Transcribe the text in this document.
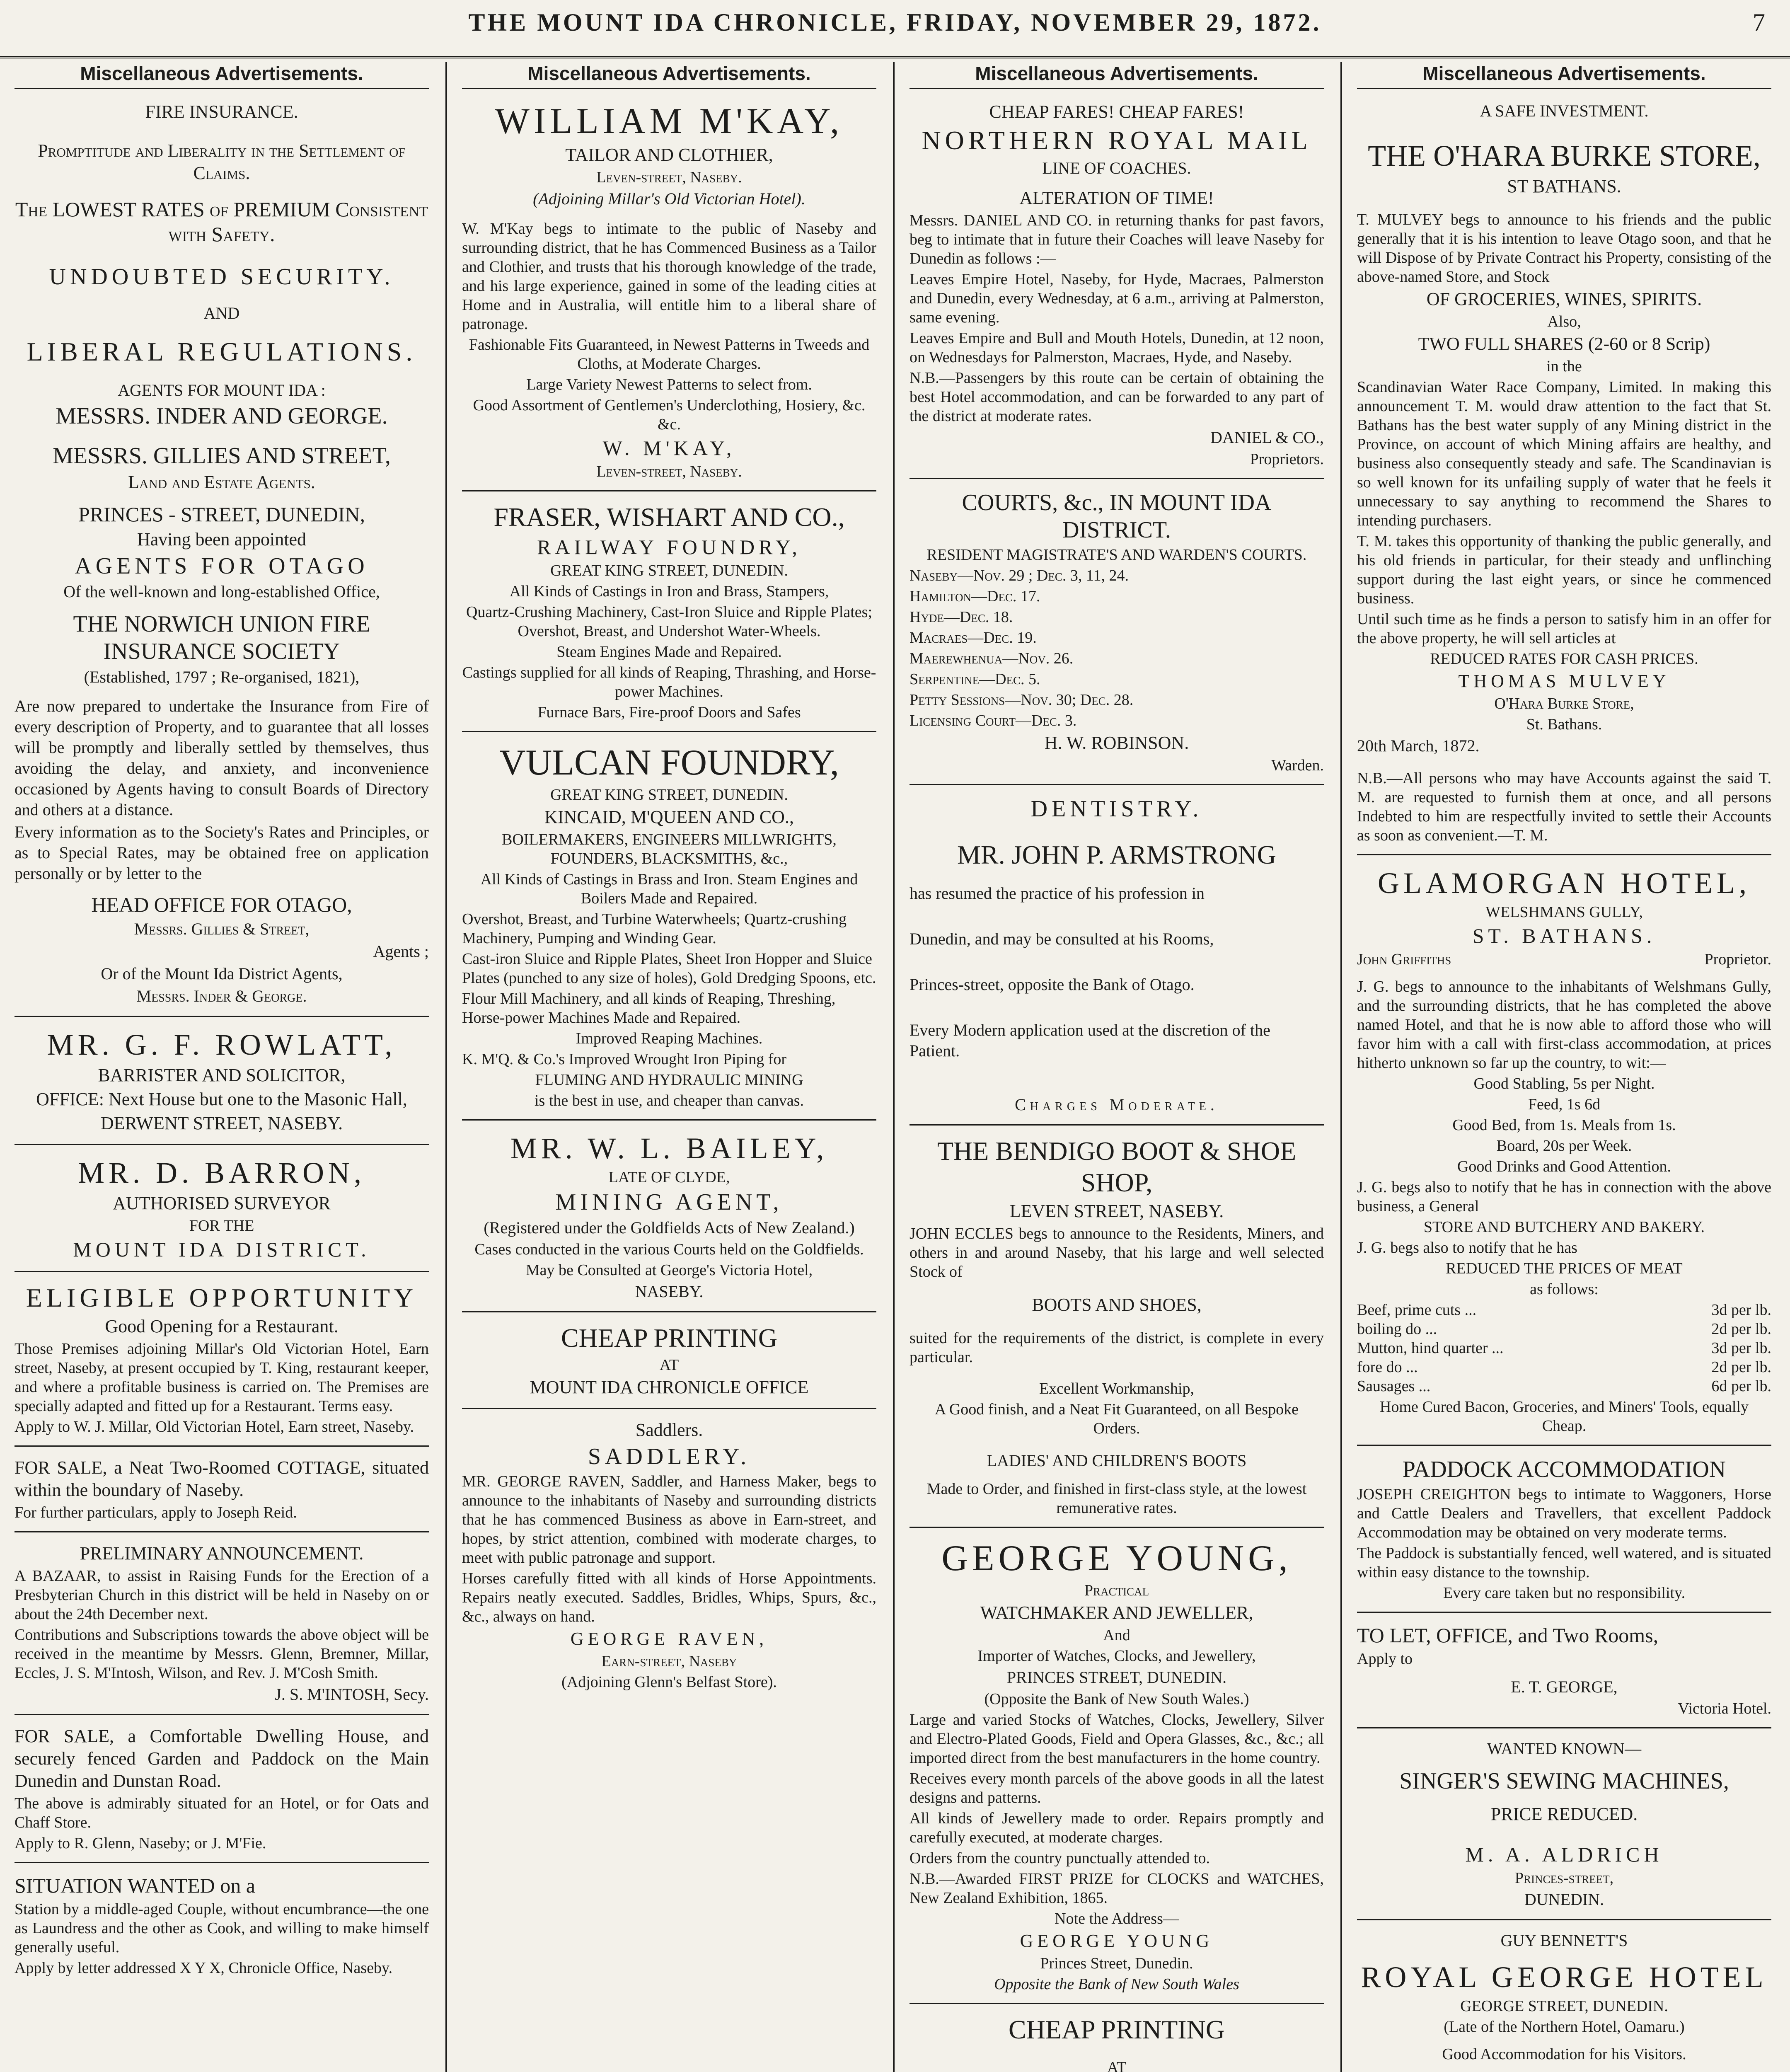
THE MOUNT IDA CHRONICLE, FRIDAY, NOVEMBER 29, 1872.	7
Miscellaneous Advertisements.

FIRE INSURANCE.

Promptitude and Liberality in the Settlement of Claims.

The LOWEST RATES of PREMIUM Consistent with Safety.

UNDOUBTED SECURITY.

AND

LIBERAL REGULATIONS.

AGENTS FOR MOUNT IDA :

MESSRS. INDER AND GEORGE.

MESSRS. GILLIES AND STREET,

Land and Estate Agents.

PRINCES - STREET, DUNEDIN,

Having been appointed

AGENTS FOR OTAGO

Of the well-known and long-established Office,

THE NORWICH UNION FIRE INSURANCE SOCIETY

(Established, 1797 ; Re-organised, 1821),

Are now prepared to undertake the Insurance from Fire of every description of Property, and to guarantee that all losses will be promptly and liberally settled by themselves, thus avoiding the delay, and anxiety, and inconvenience occasioned by Agents having to consult Boards of Directory and others at a distance.

Every information as to the Society's Rates and Principles, or as to Special Rates, may be obtained free on application personally or by letter to the

HEAD OFFICE FOR OTAGO,

Messrs. Gillies & Street,

Agents ;

Or of the Mount Ida District Agents,

Messrs. Inder & George.

MR. G. F. ROWLATT,

BARRISTER AND SOLICITOR,

OFFICE: Next House but one to the Masonic Hall,

DERWENT STREET, NASEBY.

MR. D. BARRON,

AUTHORISED SURVEYOR

FOR THE

MOUNT IDA DISTRICT.

ELIGIBLE OPPORTUNITY

Good Opening for a Restaurant.

Those Premises adjoining Millar's Old Victorian Hotel, Earn street, Naseby, at present occupied by T. King, restaurant keeper, and where a profitable business is carried on. The Premises are specially adapted and fitted up for a Restaurant. Terms easy.

Apply to W. J. Millar, Old Victorian Hotel, Earn street, Naseby.

FOR SALE, a Neat Two-Roomed COTTAGE, situated within the boundary of Naseby.

For further particulars, apply to Joseph Reid.

PRELIMINARY ANNOUNCEMENT.

A BAZAAR, to assist in Raising Funds for the Erection of a Presbyterian Church in this district will be held in Naseby on or about the 24th December next.

Contributions and Subscriptions towards the above object will be received in the meantime by Messrs. Glenn, Bremner, Millar, Eccles, J. S. M'Intosh, Wilson, and Rev. J. M'Cosh Smith.

J. S. M'INTOSH, Secy.

FOR SALE, a Comfortable Dwelling House, and securely fenced Garden and Paddock on the Main Dunedin and Dunstan Road.

The above is admirably situated for an Hotel, or for Oats and Chaff Store.

Apply to R. Glenn, Naseby; or J. M'Fie.

SITUATION WANTED on a

Station by a middle-aged Couple, without encumbrance—the one as Laundress and the other as Cook, and willing to make himself generally useful.

Apply by letter addressed X Y X, Chronicle Office, Naseby.

Miscellaneous Advertisements.

WILLIAM M'KAY,

TAILOR AND CLOTHIER,

Leven-street, Naseby.

(Adjoining Millar's Old Victorian Hotel).

W. M'Kay begs to intimate to the public of Naseby and surrounding district, that he has Commenced Business as a Tailor and Clothier, and trusts that his thorough knowledge of the trade, and his large experience, gained in some of the leading cities at Home and in Australia, will entitle him to a liberal share of patronage.

Fashionable Fits Guaranteed, in Newest Patterns in Tweeds and Cloths, at Moderate Charges.

Large Variety Newest Patterns to select from.

Good Assortment of Gentlemen's Underclothing, Hosiery, &c. &c.

W. M'KAY,

Leven-street, Naseby.

FRASER, WISHART AND CO.,

RAILWAY FOUNDRY,

GREAT KING STREET, DUNEDIN.

All Kinds of Castings in Iron and Brass, Stampers,

Quartz-Crushing Machinery, Cast-Iron Sluice and Ripple Plates; Overshot, Breast, and Undershot Water-Wheels.

Steam Engines Made and Repaired.

Castings supplied for all kinds of Reaping, Thrashing, and Horse-power Machines.

Furnace Bars, Fire-proof Doors and Safes

VULCAN FOUNDRY,

GREAT KING STREET, DUNEDIN.

KINCAID, M'QUEEN AND CO.,

BOILERMAKERS, ENGINEERS MILLWRIGHTS, FOUNDERS, BLACKSMITHS, &c.,

All Kinds of Castings in Brass and Iron. Steam Engines and Boilers Made and Repaired.

Overshot, Breast, and Turbine Waterwheels; Quartz-crushing Machinery, Pumping and Winding Gear.

Cast-iron Sluice and Ripple Plates, Sheet Iron Hopper and Sluice Plates (punched to any size of holes), Gold Dredging Spoons, etc.

Flour Mill Machinery, and all kinds of Reaping, Threshing, Horse-power Machines Made and Repaired.

Improved Reaping Machines.

K. M'Q. & Co.'s Improved Wrought Iron Piping for

FLUMING AND HYDRAULIC MINING

is the best in use, and cheaper than canvas.

MR. W. L. BAILEY,

LATE OF CLYDE,

MINING AGENT,

(Registered under the Goldfields Acts of New Zealand.)

Cases conducted in the various Courts held on the Goldfields.

May be Consulted at George's Victoria Hotel,

NASEBY.

CHEAP PRINTING

AT

MOUNT IDA CHRONICLE OFFICE

Saddlers.

SADDLERY.

MR. GEORGE RAVEN, Saddler, and Harness Maker, begs to announce to the inhabitants of Naseby and surrounding districts that he has commenced Business as above in Earn-street, and hopes, by strict attention, combined with moderate charges, to meet with public patronage and support.

Horses carefully fitted with all kinds of Horse Appointments. Repairs neatly executed. Saddles, Bridles, Whips, Spurs, &c., &c., always on hand.

GEORGE RAVEN,

Earn-street, Naseby

(Adjoining Glenn's Belfast Store).

Miscellaneous Advertisements.

CHEAP FARES! CHEAP FARES!

NORTHERN ROYAL MAIL

LINE OF COACHES.

ALTERATION OF TIME!

Messrs. DANIEL AND CO. in returning thanks for past favors, beg to intimate that in future their Coaches will leave Naseby for Dunedin as follows :—

Leaves Empire Hotel, Naseby, for Hyde, Macraes, Palmerston and Dunedin, every Wednesday, at 6 a.m., arriving at Palmerston, same evening.

Leaves Empire and Bull and Mouth Hotels, Dunedin, at 12 noon, on Wednesdays for Palmerston, Macraes, Hyde, and Naseby.

N.B.—Passengers by this route can be certain of obtaining the best Hotel accommodation, and can be forwarded to any part of the district at moderate rates.

DANIEL & CO.,

Proprietors.

COURTS, &c., IN MOUNT IDA DISTRICT.

RESIDENT MAGISTRATE'S AND WARDEN'S COURTS.

Naseby—Nov. 29 ; Dec. 3, 11, 24.

Hamilton—Dec. 17.

Hyde—Dec. 18.

Macraes—Dec. 19.

Maerewhenua—Nov. 26.

Serpentine—Dec. 5.

Petty Sessions—Nov. 30; Dec. 28.

Licensing Court—Dec. 3.

H. W. ROBINSON.

Warden.

DENTISTRY.

MR. JOHN P. ARMSTRONG

has resumed the practice of his profession in

Dunedin, and may be consulted at his Rooms,

Princes-street, opposite the Bank of Otago.

Every Modern application used at the discretion of the Patient.

Charges Moderate.

THE BENDIGO BOOT & SHOE SHOP,

LEVEN STREET, NASEBY.

JOHN ECCLES begs to announce to the Residents, Miners, and others in and around Naseby, that his large and well selected Stock of

BOOTS AND SHOES,

suited for the requirements of the district, is complete in every particular.

Excellent Workmanship,

A Good finish, and a Neat Fit Guaranteed, on all Bespoke Orders.

LADIES' AND CHILDREN'S BOOTS

Made to Order, and finished in first-class style, at the lowest remunerative rates.

GEORGE YOUNG,

Practical

WATCHMAKER AND JEWELLER,

And

Importer of Watches, Clocks, and Jewellery,

PRINCES STREET, DUNEDIN.

(Opposite the Bank of New South Wales.)

Large and varied Stocks of Watches, Clocks, Jewellery, Silver and Electro-Plated Goods, Field and Opera Glasses, &c., &c.; all imported direct from the best manufacturers in the home country.

Receives every month parcels of the above goods in all the latest designs and patterns.

All kinds of Jewellery made to order. Repairs promptly and carefully executed, at moderate charges.

Orders from the country punctually attended to.

N.B.—Awarded FIRST PRIZE for CLOCKS and WATCHES, New Zealand Exhibition, 1865.

Note the Address—

GEORGE YOUNG

Princes Street, Dunedin.

Opposite the Bank of New South Wales

CHEAP PRINTING

AT

Miscellaneous Advertisements.

A SAFE INVESTMENT.

THE O'HARA BURKE STORE,

ST BATHANS.

T. MULVEY begs to announce to his friends and the public generally that it is his intention to leave Otago soon, and that he will Dispose of by Private Contract his Property, consisting of the above-named Store, and Stock

OF GROCERIES, WINES, SPIRITS.

Also,

TWO FULL SHARES (2-60 or 8 Scrip)

in the

Scandinavian Water Race Company, Limited. In making this announcement T. M. would draw attention to the fact that St. Bathans has the best water supply of any Mining district in the Province, on account of which Mining affairs are healthy, and business also consequently steady and safe. The Scandinavian is so well known for its unfailing supply of water that he feels it unnecessary to say anything to recommend the Shares to intending purchasers.

T. M. takes this opportunity of thanking the public generally, and his old friends in particular, for their steady and unflinching support during the last eight years, or since he commenced business.

Until such time as he finds a person to satisfy him in an offer for the above property, he will sell articles at

REDUCED RATES FOR CASH PRICES.

THOMAS MULVEY

O'Hara Burke Store,

St. Bathans.

20th March, 1872.

N.B.—All persons who may have Accounts against the said T. M. are requested to furnish them at once, and all persons Indebted to him are respectfully invited to settle their Accounts as soon as convenient.—T. M.

GLAMORGAN HOTEL,

WELSHMANS GULLY,

ST. BATHANS.

John Griffiths	Proprietor.

J. G. begs to announce to the inhabitants of Welshmans Gully, and the surrounding districts, that he has completed the above named Hotel, and that he is now able to afford those who will favor him with a call with first-class accommodation, at prices hitherto unknown so far up the country, to wit:—

Good Stabling, 5s per Night.

Feed, 1s 6d

Good Bed, from 1s. Meals from 1s.

Board, 20s per Week.

Good Drinks and Good Attention.

J. G. begs also to notify that he has in connection with the above business, a General

STORE AND BUTCHERY AND BAKERY.

J. G. begs also to notify that he has

REDUCED THE PRICES OF MEAT

as follows:

Beef, prime cuts ...	3d per lb.
boiling do ...	2d per lb.
Mutton, hind quarter ...	3d per lb.
fore do ...	2d per lb.
Sausages ...	6d per lb.

Home Cured Bacon, Groceries, and Miners' Tools, equally Cheap.

PADDOCK ACCOMMODATION

JOSEPH CREIGHTON begs to intimate to Waggoners, Horse and Cattle Dealers and Travellers, that excellent Paddock Accommodation may be obtained on very moderate terms.

The Paddock is substantially fenced, well watered, and is situated within easy distance to the township.

Every care taken but no responsibility.

TO LET, OFFICE, and Two Rooms,

Apply to

E. T. GEORGE,

Victoria Hotel.

WANTED KNOWN—

SINGER'S SEWING MACHINES,

PRICE REDUCED.

M. A. ALDRICH

Princes-street,

DUNEDIN.

GUY BENNETT'S

ROYAL GEORGE HOTEL

GEORGE STREET, DUNEDIN.

(Late of the Northern Hotel, Oamaru.)

Good Accommodation for his Visitors.
